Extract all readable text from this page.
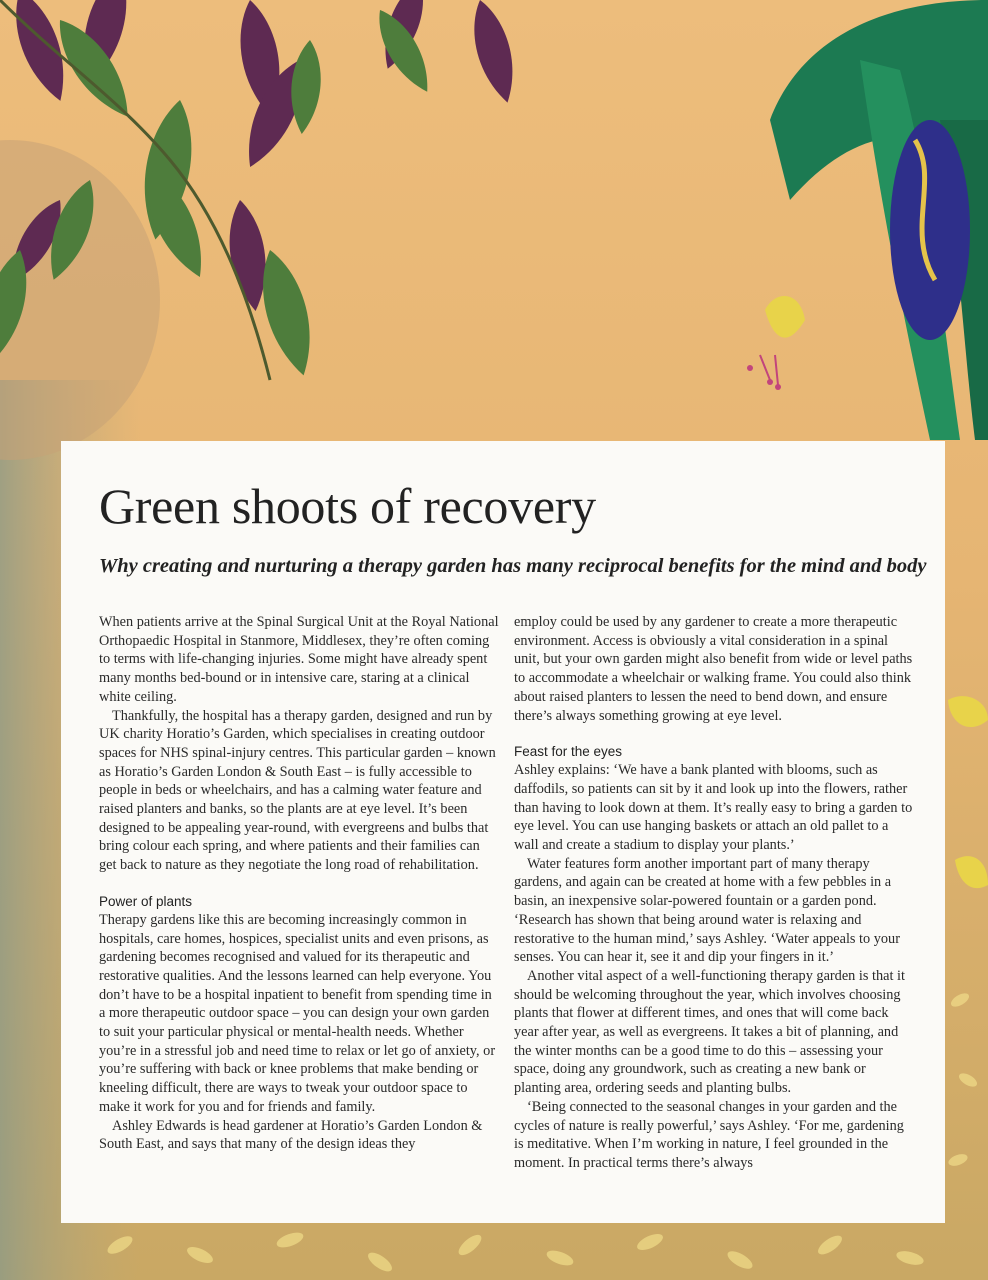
Green shoots of recovery
Why creating and nurturing a therapy garden has many reciprocal benefits for the mind and body

When patients arrive at the Spinal Surgical Unit at the Royal National Orthopaedic Hospital in Stanmore, Middlesex, they’re often coming to terms with life-changing injuries. Some might have already spent many months bed-bound or in intensive care, staring at a clinical white ceiling.

Thankfully, the hospital has a therapy garden, designed and run by UK charity Horatio’s Garden, which specialises in creating outdoor spaces for NHS spinal-injury centres. This particular garden – known as Horatio’s Garden London & South East – is fully accessible to people in beds or wheelchairs, and has a calming water feature and raised planters and banks, so the plants are at eye level. It’s been designed to be appealing year-round, with evergreens and bulbs that bring colour each spring, and where patients and their families can get back to nature as they negotiate the long road of rehabilitation.

Power of plants

Therapy gardens like this are becoming increasingly common in hospitals, care homes, hospices, specialist units and even prisons, as gardening becomes recognised and valued for its therapeutic and restorative qualities. And the lessons learned can help everyone. You don’t have to be a hospital inpatient to benefit from spending time in a more therapeutic outdoor space – you can design your own garden to suit your particular physical or mental-health needs. Whether you’re in a stressful job and need time to relax or let go of anxiety, or you’re suffering with back or knee problems that make bending or kneeling difficult, there are ways to tweak your outdoor space to make it work for you and for friends and family.

Ashley Edwards is head gardener at Horatio’s Garden London & South East, and says that many of the design ideas they

employ could be used by any gardener to create a more therapeutic environment. Access is obviously a vital consideration in a spinal unit, but your own garden might also benefit from wide or level paths to accommodate a wheelchair or walking frame. You could also think about raised planters to lessen the need to bend down, and ensure there’s always something growing at eye level.

Feast for the eyes

Ashley explains: ‘We have a bank planted with blooms, such as daffodils, so patients can sit by it and look up into the flowers, rather than having to look down at them. It’s really easy to bring a garden to eye level. You can use hanging baskets or attach an old pallet to a wall and create a stadium to display your plants.’

Water features form another important part of many therapy gardens, and again can be created at home with a few pebbles in a basin, an inexpensive solar-powered fountain or a garden pond. ‘Research has shown that being around water is relaxing and restorative to the human mind,’ says Ashley. ‘Water appeals to your senses. You can hear it, see it and dip your fingers in it.’

Another vital aspect of a well-functioning therapy garden is that it should be welcoming throughout the year, which involves choosing plants that flower at different times, and ones that will come back year after year, as well as evergreens. It takes a bit of planning, and the winter months can be a good time to do this – assessing your space, doing any groundwork, such as creating a new bank or planting area, ordering seeds and planting bulbs.

‘Being connected to the seasonal changes in your garden and the cycles of nature is really powerful,’ says Ashley. ‘For me, gardening is meditative. When I’m working in nature, I feel grounded in the moment. In practical terms there’s always
